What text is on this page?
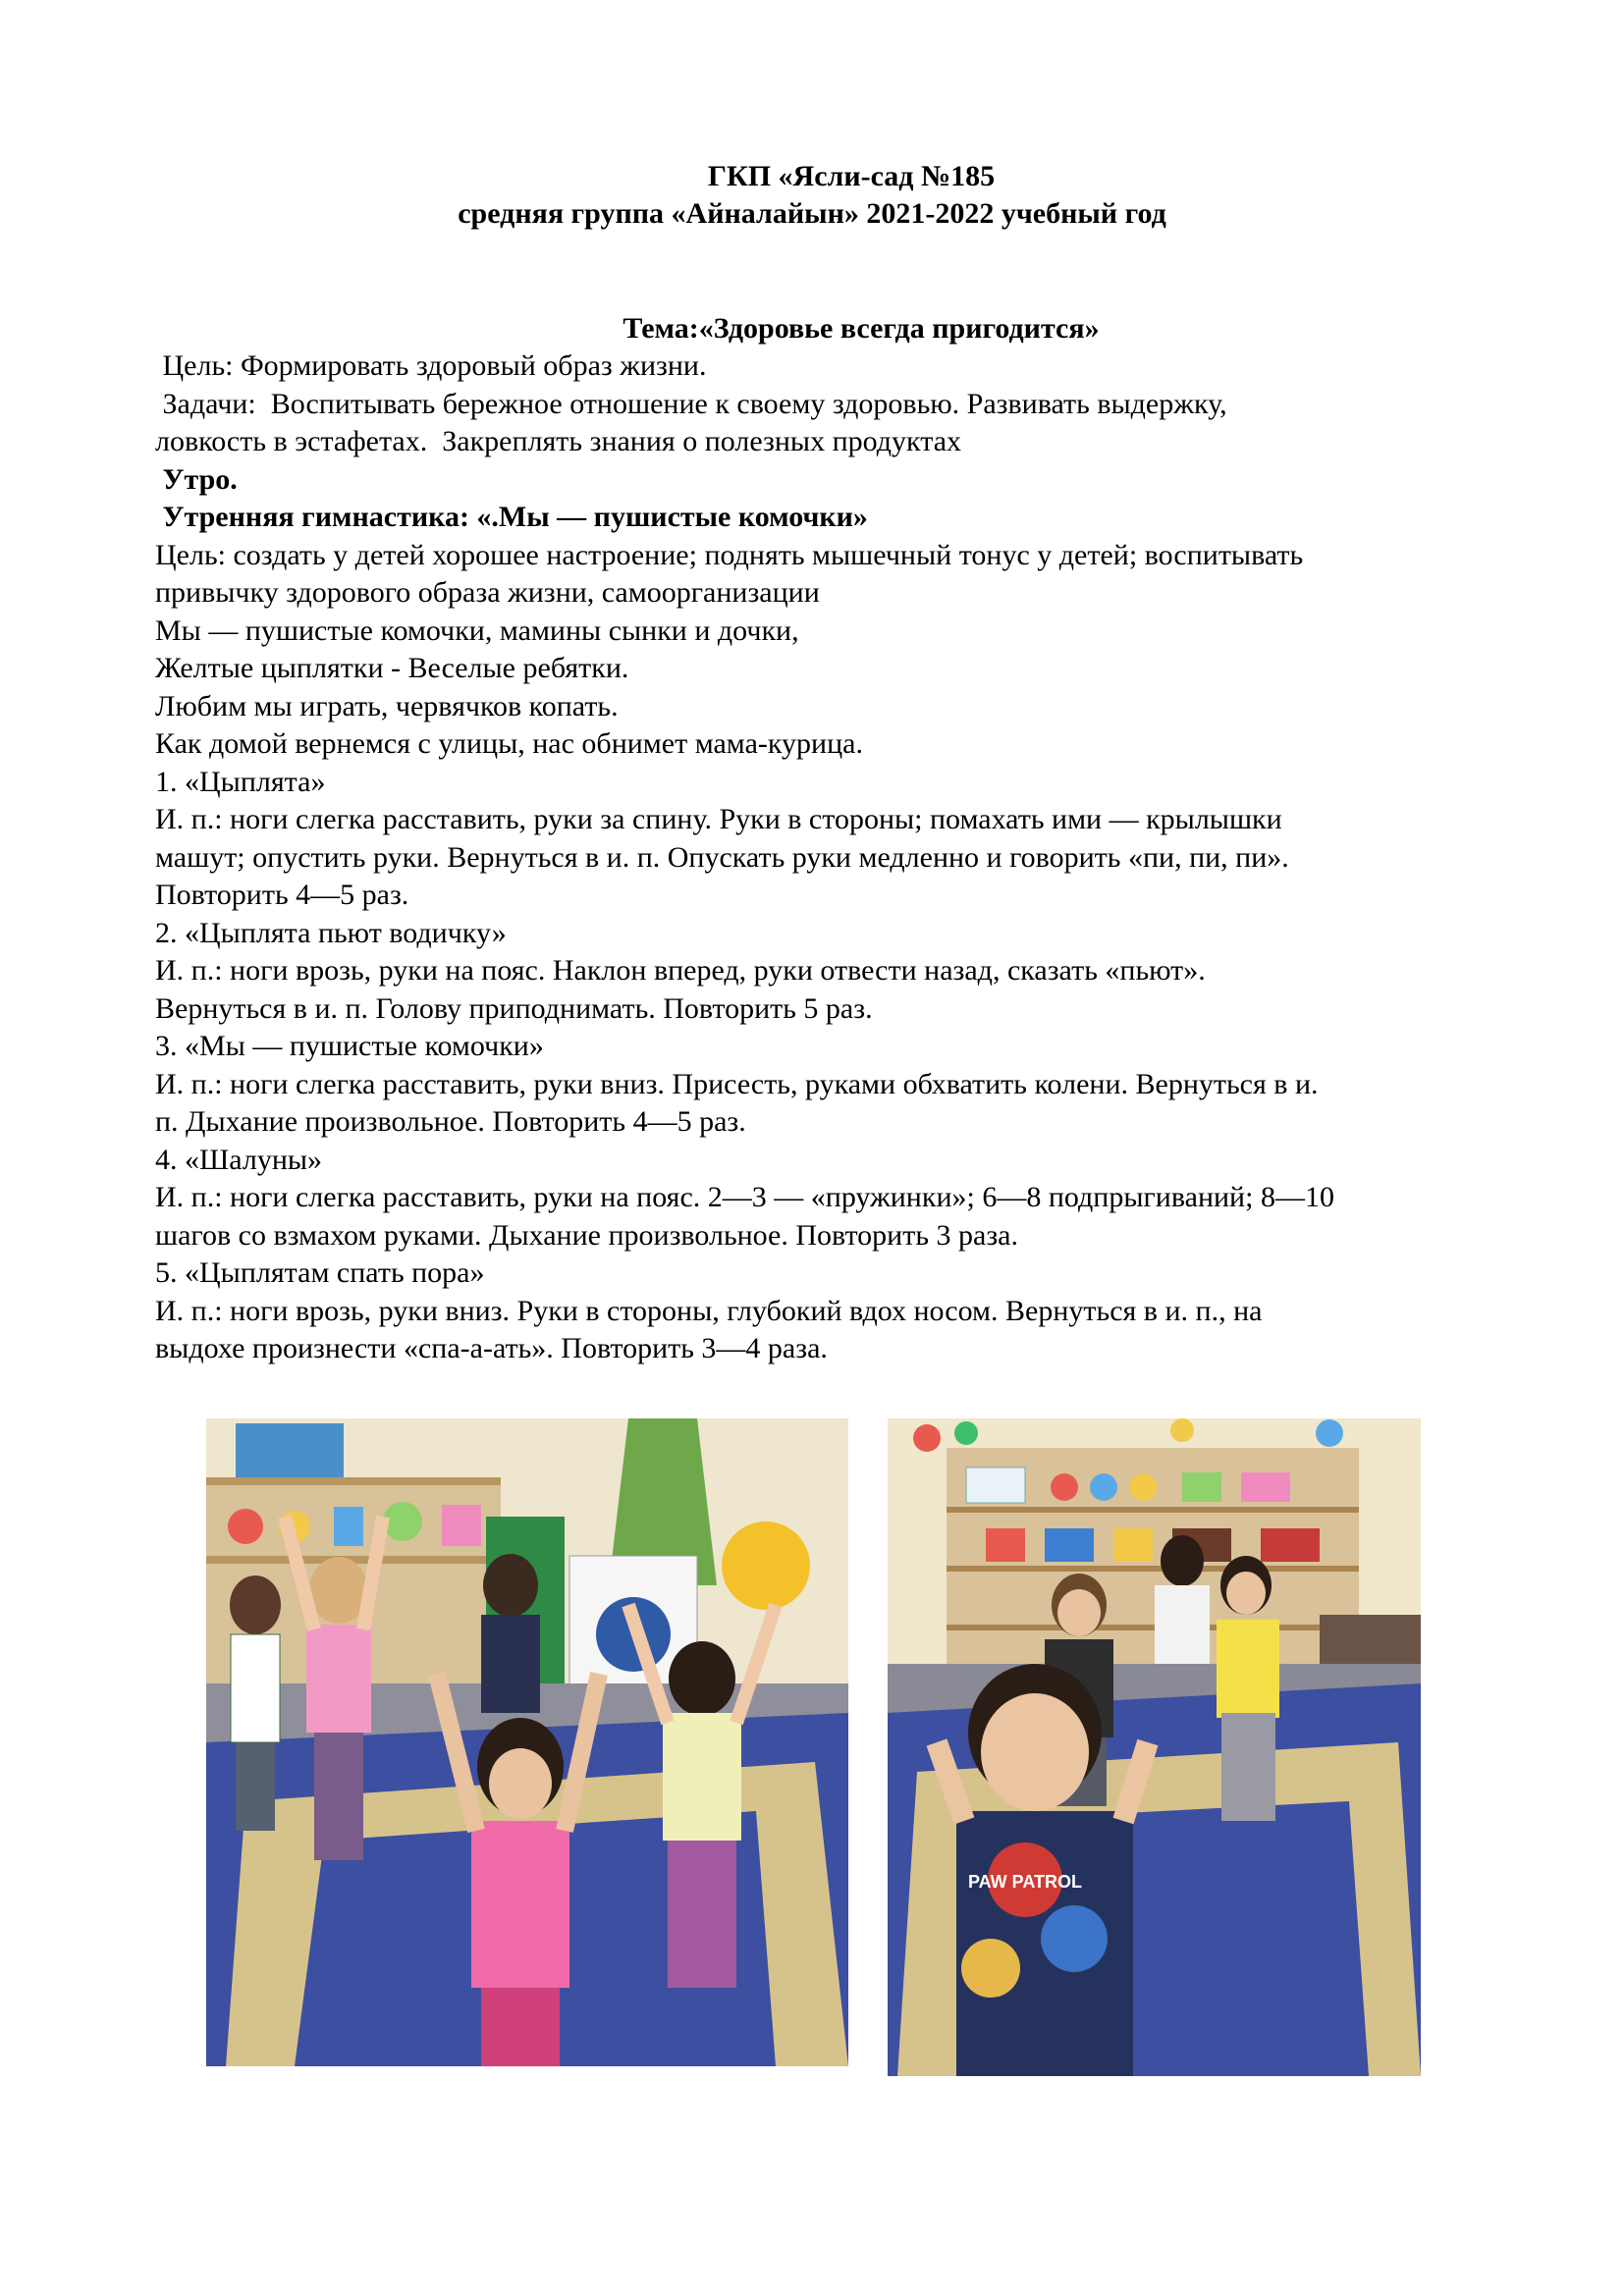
ГКП «Ясли-сад №185
средняя группа «Айналайын» 2021-2022 учебный год
Тема:«Здоровье всегда пригодится»

Цель: Формировать здоровый образ жизни.

Задачи:  Воспитывать бережное отношение к своему здоровью. Развивать выдержку,

ловкость в эстафетах.  Закреплять знания о полезных продуктах

Утро.

Утренняя гимнастика: «.Мы — пушистые комочки»

Цель: создать у детей хорошее настроение; поднять мышечный тонус у детей; воспитывать

привычку здорового образа жизни, самоорганизации

Мы — пушистые комочки, мамины сынки и дочки,

Желтые цыплятки - Веселые ребятки.

Любим мы играть, червячков копать.

Как домой вернемся с улицы, нас обнимет мама-курица.

1. «Цыплята»

И. п.: ноги слегка расставить, руки за спину. Руки в стороны; помахать ими — крылышки

машут; опустить руки. Вернуться в и. п. Опускать руки медленно и говорить «пи, пи, пи».

Повторить 4—5 раз.

2. «Цыплята пьют водичку»

И. п.: ноги врозь, руки на пояс. Наклон вперед, руки отвести назад, сказать «пьют».

Вернуться в и. п. Голову приподнимать. Повторить 5 раз.

3. «Мы — пушистые комочки»

И. п.: ноги слегка расставить, руки вниз. Присесть, руками обхватить колени. Вернуться в и.

п. Дыхание произвольное. Повторить 4—5 раз.

4. «Шалуны»

И. п.: ноги слегка расставить, руки на пояс. 2—3 — «пружинки»; 6—8 подпрыгиваний; 8—10

шагов со взмахом руками. Дыхание произвольное. Повторить 3 раза.

5. «Цыплятам спать пора»

И. п.: ноги врозь, руки вниз. Руки в стороны, глубокий вдох носом. Вернуться в и. п., на

выдохе произнести «спа-а-ать». Повторить 3—4 раза.

PAW PATROL
